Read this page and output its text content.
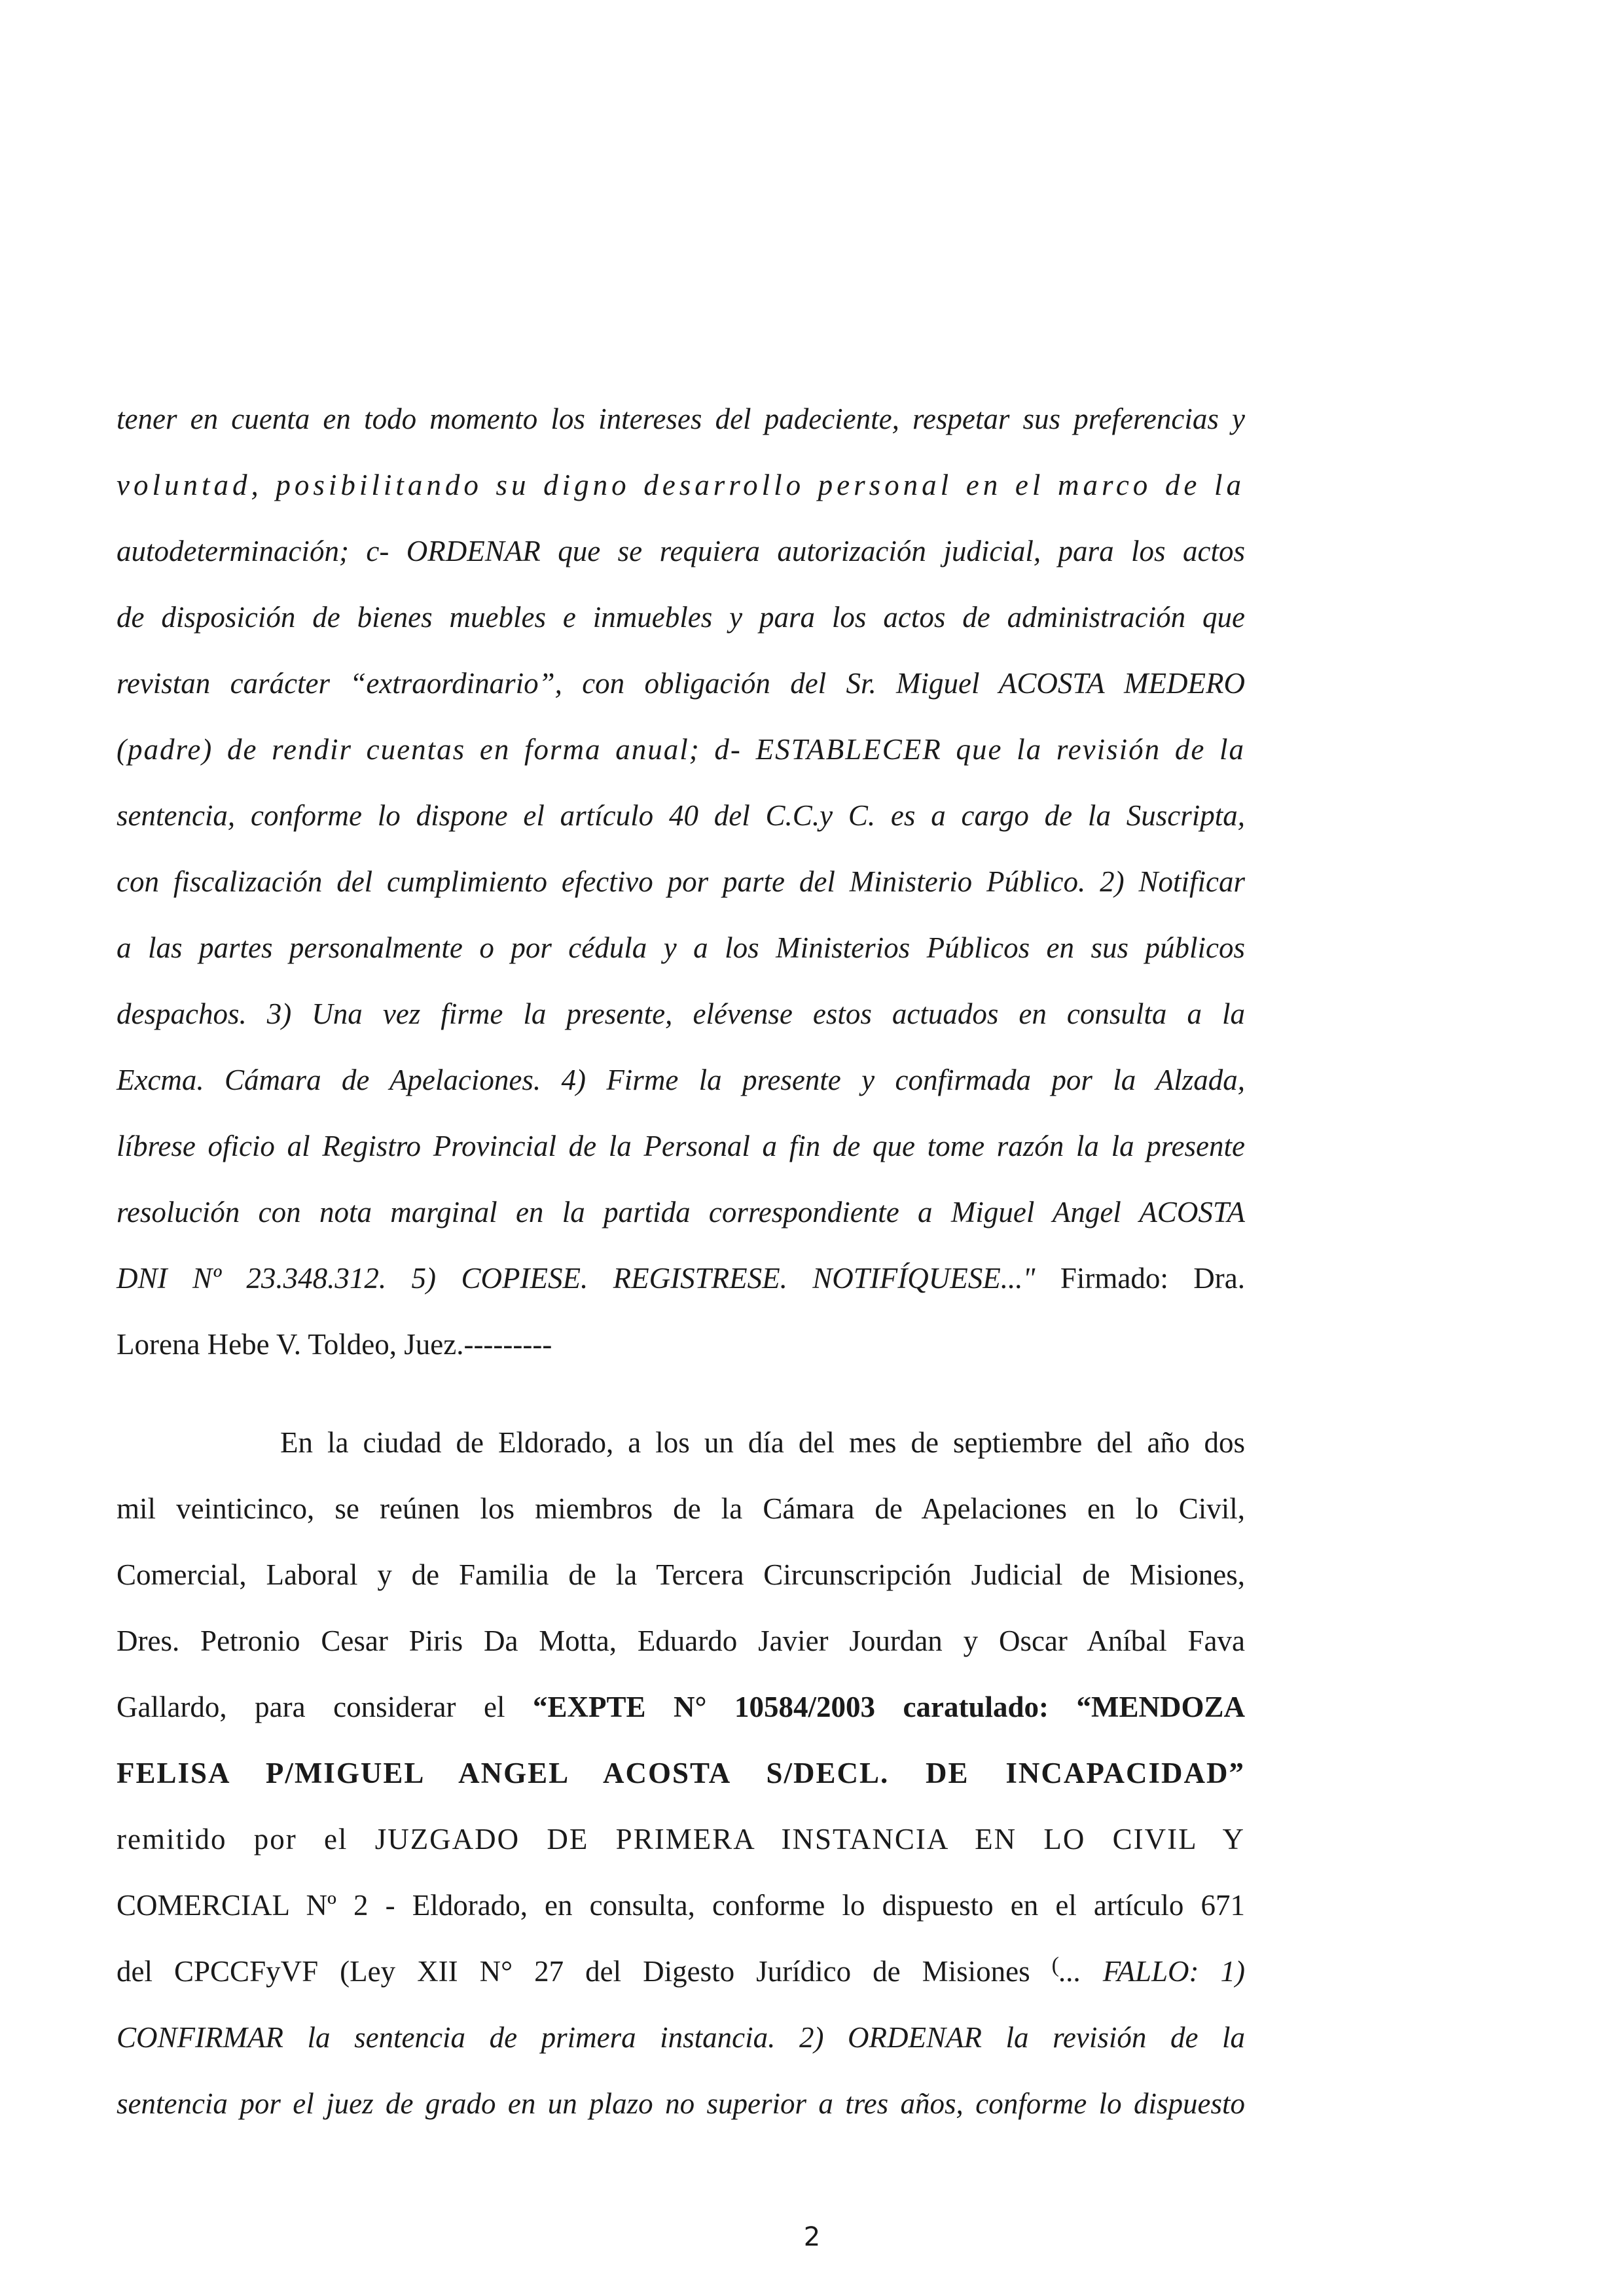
tener en cuenta en todo momento los intereses del padeciente, respetar sus preferencias y
voluntad, posibilitando su digno desarrollo personal en el marco de la
autodeterminación; c- ORDENAR que se requiera autorización judicial, para los actos
de disposición de bienes muebles e inmuebles y para los actos de administración que
revistan carácter “extraordinario”, con obligación del Sr. Miguel ACOSTA MEDERO
(padre) de rendir cuentas en forma anual; d- ESTABLECER que la revisión de la
sentencia, conforme lo dispone el artículo 40 del C.C.y C. es a cargo de la Suscripta,
con fiscalización del cumplimiento efectivo por parte del Ministerio Público. 2) Notificar
a las partes personalmente o por cédula y a los Ministerios Públicos en sus públicos
despachos. 3) Una vez firme la presente, elévense estos actuados en consulta a la
Excma. Cámara de Apelaciones. 4) Firme la presente y confirmada por la Alzada,
líbrese oficio al Registro Provincial de la Personal a fin de que tome razón la la presente
resolución con nota marginal en la partida correspondiente a Miguel Angel ACOSTA
DNI Nº 23.348.312. 5) COPIESE. REGISTRESE. NOTIFÍQUESE..." Firmado: Dra.
Lorena Hebe V. Toldeo, Juez.---------
En la ciudad de Eldorado, a los un día del mes de septiembre del año dos
mil veinticinco, se reúnen los miembros de la Cámara de Apelaciones en lo Civil,
Comercial, Laboral y de Familia de la Tercera Circunscripción Judicial de Misiones,
Dres. Petronio Cesar Piris Da Motta, Eduardo Javier Jourdan y Oscar Aníbal Fava
Gallardo, para considerar el “EXPTE N° 10584/2003 caratulado: “MENDOZA
FELISA P/MIGUEL ANGEL ACOSTA S/DECL. DE INCAPACIDAD”
remitido por el JUZGADO DE PRIMERA INSTANCIA EN LO CIVIL Y
COMERCIAL Nº 2 - Eldorado, en consulta, conforme lo dispuesto en el artículo 671
del CPCCFyVF (Ley XII N° 27 del Digesto Jurídico de Misiones (... FALLO: 1)
CONFIRMAR la sentencia de primera instancia. 2) ORDENAR la revisión de la
sentencia por el juez de grado en un plazo no superior a tres años, conforme lo dispuesto
2
